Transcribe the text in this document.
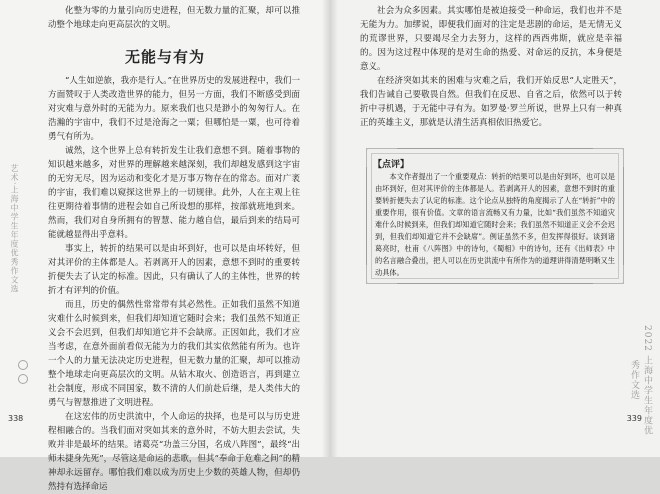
艺术·上海中学生年度优秀作文选

化整为零的力量引向历史进程，但无数力量的汇聚，却可以推动整个地球走向更高层次的文明。

无能与有为

“人生如逆旅，我亦是行人。”在世界历史的发展进程中，我们一方面赞叹于人类改造世界的能力，但另一方面，我们不断感受到面对灾难与意外时的无能为力。原来我们也只是渺小的匆匆行人。在浩瀚的宇宙中，我们不过是沧海之一粟；但哪怕是一粟，也可待着勇气有所为。

诚然，这个世界上总有转折发生让我们意想不到。随着事物的知识越来越多，对世界的理解越来越深刻，我们却越发感到这宇宙的无穷无尽，因为运动和变化才是万事万物存在的常态。面对广袤的宇宙，我们难以窥探这世界上的一切规律。此外，人在主观上往往更期待着事情的进程会如自己所设想的那样，按部就班地到来。然而，我们对自身所拥有的智慧、能力越自信，最后到来的结局可能就越显得出乎意料。

事实上，转折的结果可以是由坏到好，也可以是由坏转好，但对其评价的主体都是人。若剥离开人的因素，意想不到时的重要转折便失去了认定的标准。因此，只有确认了人的主体性，世界的转折才有评判的价值。

而且，历史的偶然性常常带有其必然性。正如我们虽然不知道灾难什么时候到来，但我们却知道它随时会来；我们虽然不知道正义会不会迟到，但我们却知道它并不会缺席。正因如此，我们才应当考虑，在意外面前看似无能为力的我们其实依然能有所为。也许一个人的力量无法决定历史进程，但无数力量的汇聚，却可以推动整个地球走向更高层次的文明。从钻木取火、创造语言，再到建立社会制度，形成不同国家，数不清的人们前赴后继，是人类伟大的勇气与智慧推进了文明进程。

在这宏伟的历史洪流中，个人命运的抉择，也是可以与历史进程相融合的。当我们面对突如其来的意外时，不妨大胆去尝试，失败并非是最坏的结果。诸葛亮“功盖三分国，名成八阵图”，最终“出师未捷身先死”，尽管这是命运的悲歌，但其“奉命于危难之间”的精神却永远留存。哪怕我们难以成为历史上少数的英雄人物，但却仍然持有选择命运

338

社会为众多因素。其实哪怕是被迫接受一种命运，我们也并不是无能为力。加缪说，即便我们面对的注定是悲剧的命运，是无情无义的荒谬世界，只要竭尽全力去努力，这样的西西弗斯，就应是幸福的。因为这过程中体现的是对生命的热爱、对命运的反抗，本身便是意义。

在经济突如其来的困难与灾难之后，我们开始反思“人定胜天”，我们告诫自己要敬畏自然。但我们在反思、自省之后，依然可以于转折中寻机遇，于无能中寻有为。如罗曼·罗兰所说，世界上只有一种真正的英雄主义，那就是认清生活真相依旧热爱它。

【点评】

本文作者提出了一个重要观点：转折的结果可以是由好到坏，也可以是由坏到好，但对其评价的主体都是人。若剥离开人的因素，意想不到时的重要转折便失去了认定的标准。这个论点从独特的角度揭示了人在“转折”中的重要作用，很有价值。文章的语言流畅又有力量，比如“我们虽然不知道灾难什么时候到来，但我们却知道它随时会来；我们虽然不知道正义会不会迟到，但我们却知道它并不会缺席”。例证虽然不多，但发挥得很好。谈到诸葛亮时，杜甫《八阵图》中的诗句，《蜀相》中的诗句，还有《出师表》中的名言融合叠出，把人可以在历史洪流中有所作为的道理讲得清楚明晰又生动具体。

2022 上海中学生年度优秀作文选
339
